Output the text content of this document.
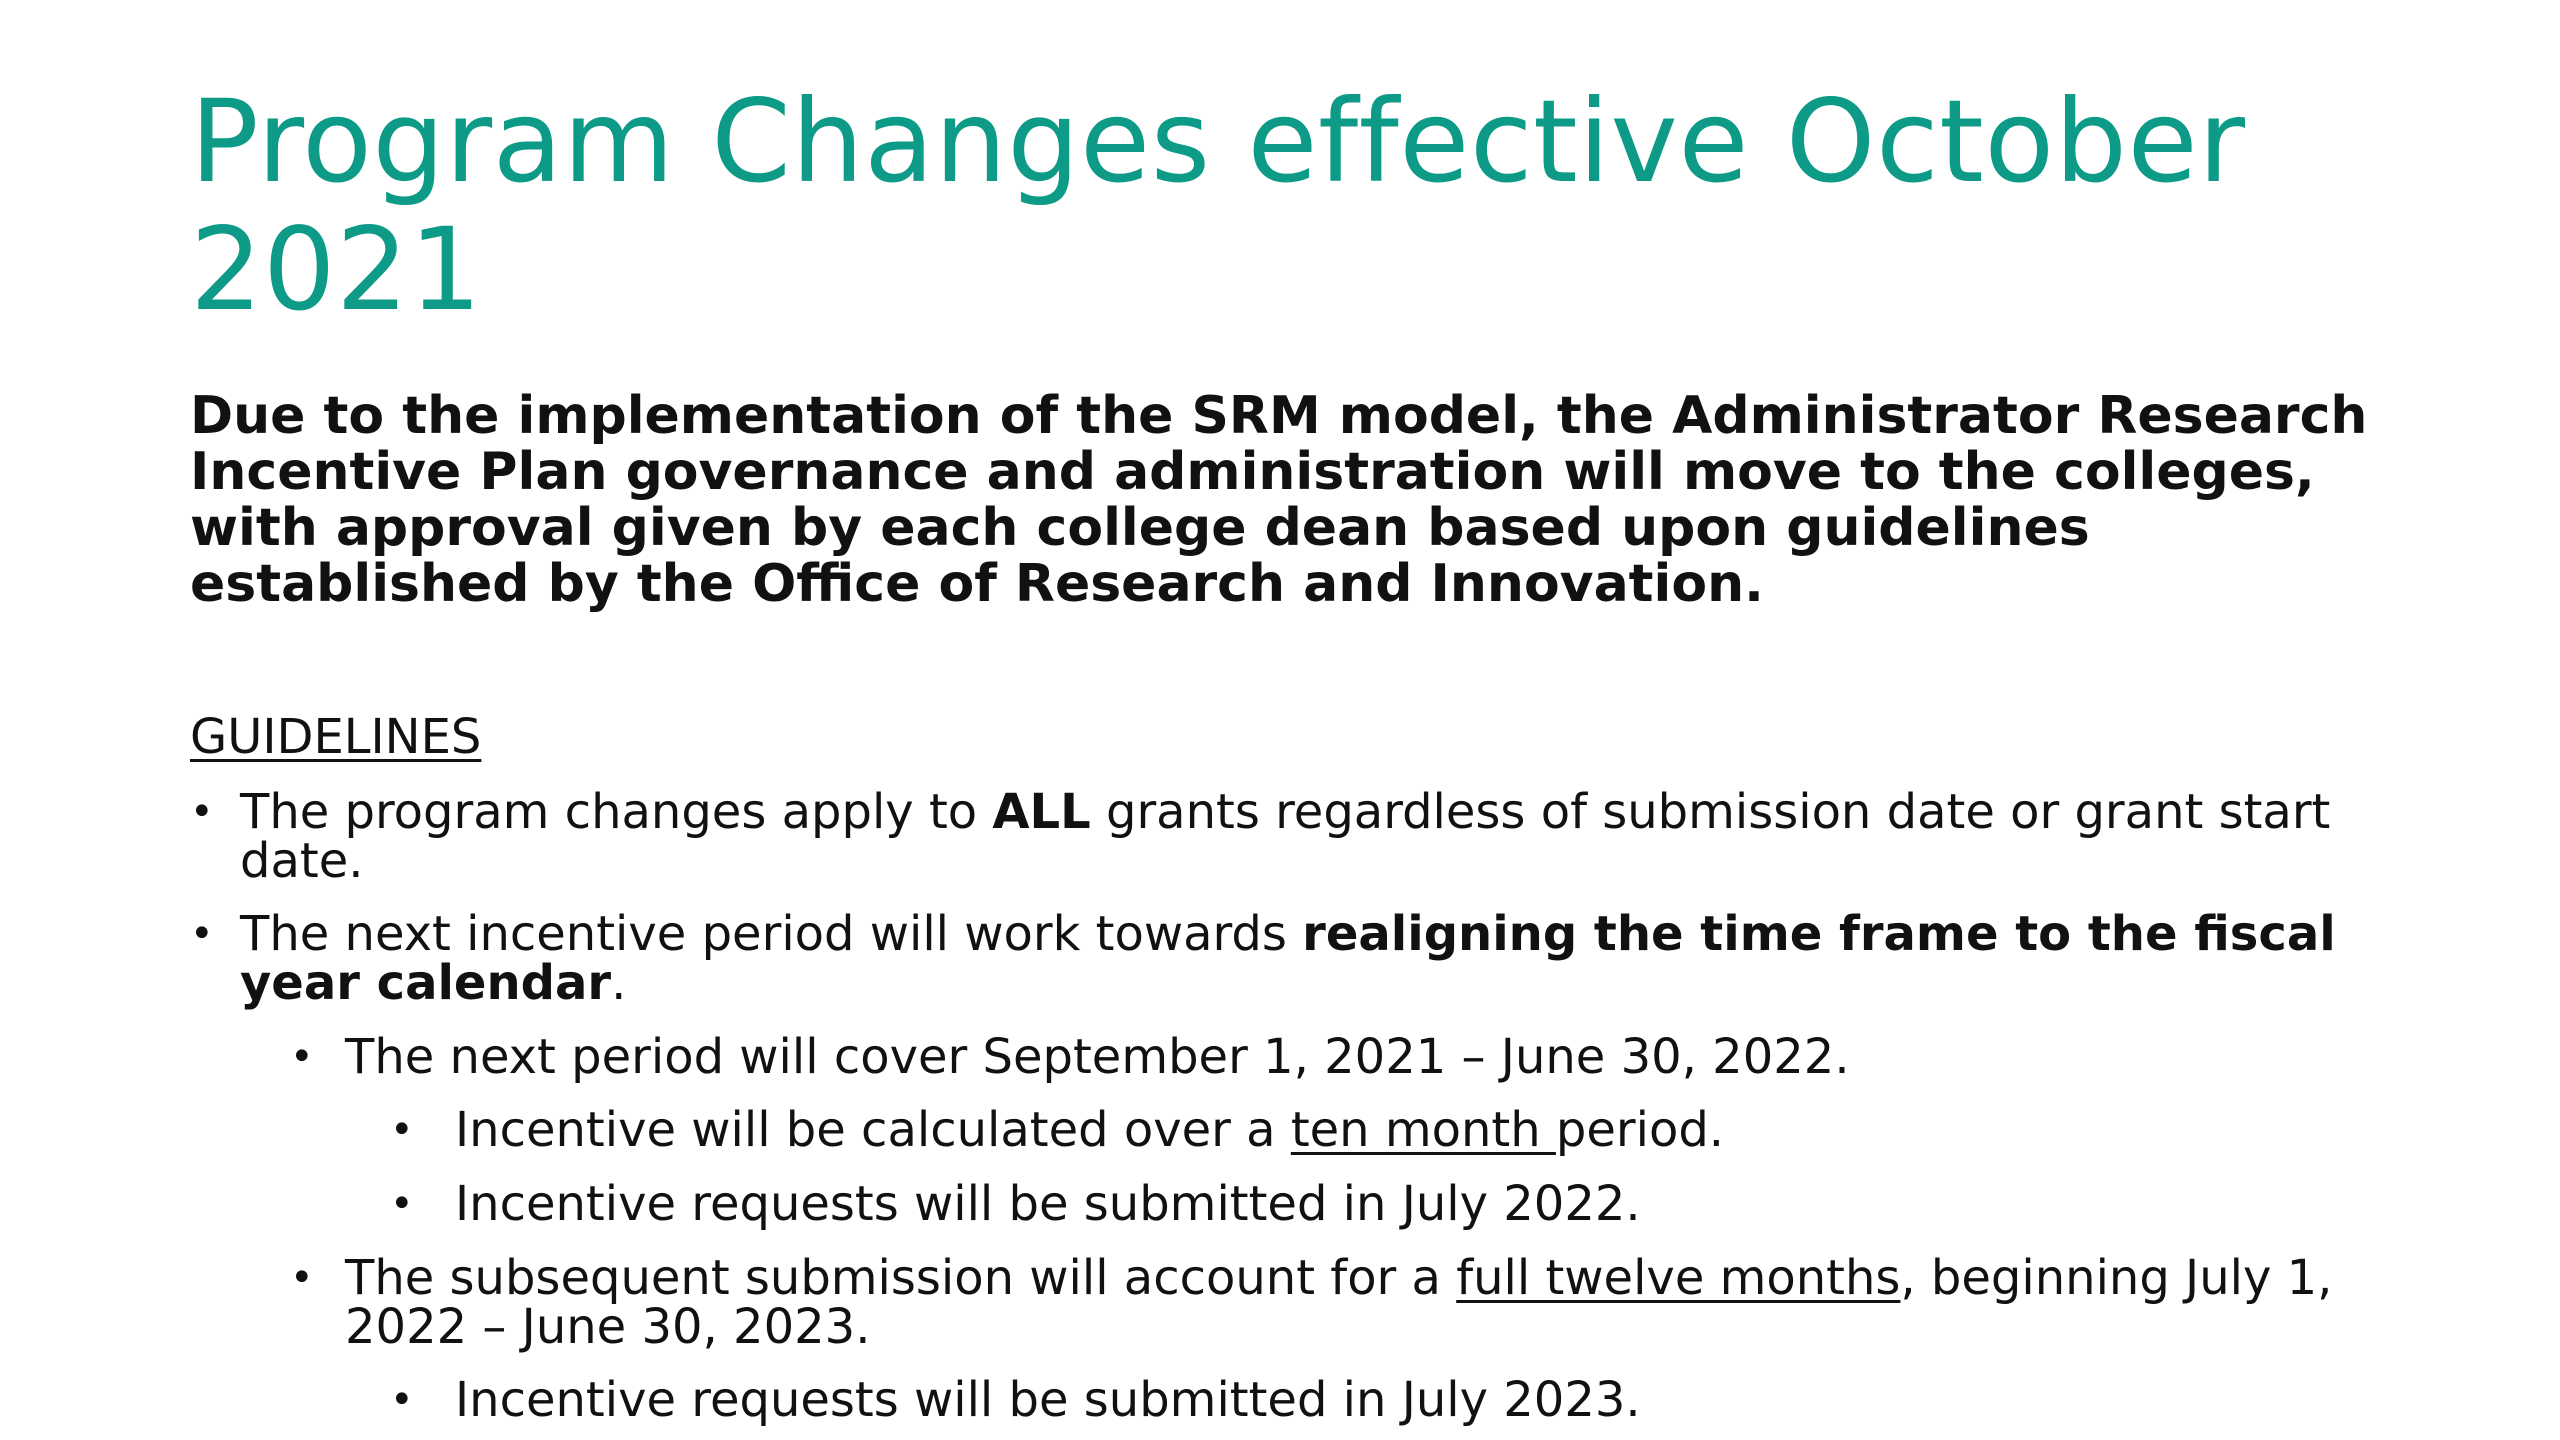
Program Changes effective October 2021

Due to the implementation of the SRM model, the Administrator Research Incentive Plan governance and administration will move to the colleges, with approval given by each college dean based upon guidelines established by the Office of Research and Innovation.

GUIDELINES

• The program changes apply to ALL grants regardless of submission date or grant start date.
• The next incentive period will work towards realigning the time frame to the fiscal year calendar.
• The next period will cover September 1, 2021 – June 30, 2022.
• Incentive will be calculated over a ten month period.
• Incentive requests will be submitted in July 2022.
• The subsequent submission will account for a full twelve months, beginning July 1, 2022 – June 30, 2023.
• Incentive requests will be submitted in July 2023.
